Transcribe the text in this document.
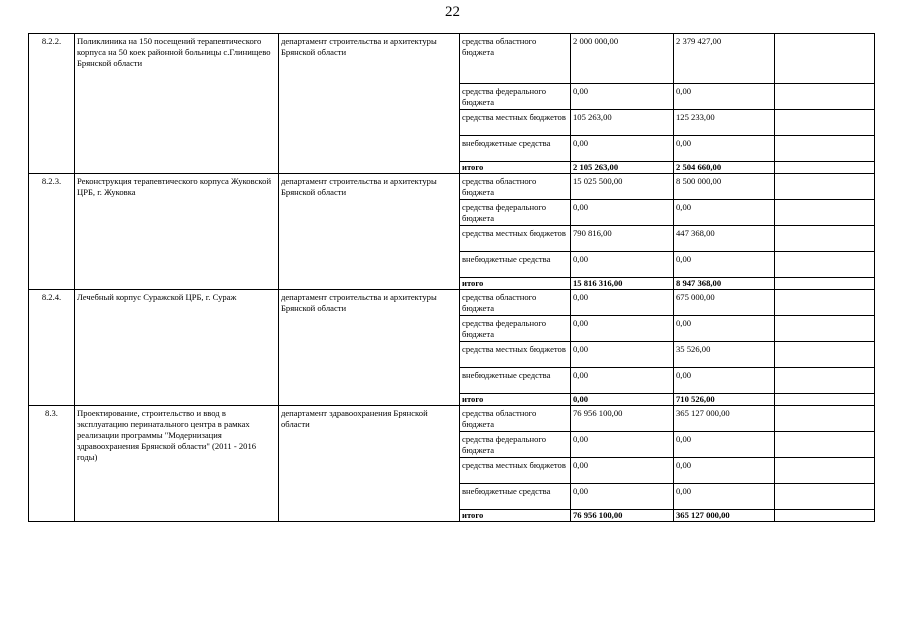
22
8.2.2.	Поликлиника на 150 посещений терапевтического корпуса на 50 коек районной больницы с.Глинищево Брянской области	департамент строительства и архитектуры Брянской области	средства областного бюджета	2 000 000,00	2 379 427,00	
			средства федерального бюджета	0,00	0,00	
			средства местных бюджетов	105 263,00	125 233,00	
			внебюджетные средства	0,00	0,00	
			итого	2 105 263,00	2 504 660,00	
8.2.3.	Реконструкция терапевтического корпуса Жуковской ЦРБ, г. Жуковка	департамент строительства и архитектуры Брянской области	средства областного бюджета	15 025 500,00	8 500 000,00	
			средства федерального бюджета	0,00	0,00	
			средства местных бюджетов	790 816,00	447 368,00	
			внебюджетные средства	0,00	0,00	
			итого	15 816 316,00	8 947 368,00	
8.2.4.	Лечебный корпус Суражской ЦРБ, г. Сураж	департамент строительства и архитектуры Брянской области	средства областного бюджета	0,00	675 000,00	
			средства федерального бюджета	0,00	0,00	
			средства местных бюджетов	0,00	35 526,00	
			внебюджетные средства	0,00	0,00	
			итого	0,00	710 526,00	
8.3.	Проектирование, строительство и ввод в эксплуатацию перинатального центра в рамках реализации программы "Модернизация здравоохранения Брянской области" (2011 - 2016 годы)	департамент здравоохранения Брянской области	средства областного бюджета	76 956 100,00	365 127 000,00	
			средства федерального бюджета	0,00	0,00	
			средства местных бюджетов	0,00	0,00	
			внебюджетные средства	0,00	0,00	
			итого	76 956 100,00	365 127 000,00	
